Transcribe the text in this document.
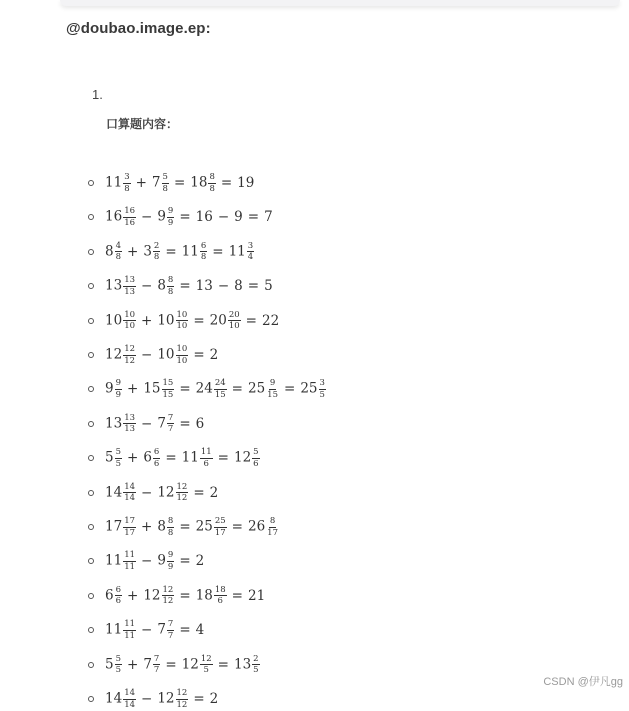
@doubao.image.ep:
1.
口算题内容：
$11 \frac{3}{8} + 7 \frac{5}{8} = 18 \frac{8}{8} = 19$
$16 \frac{16}{16} - 9 \frac{9}{9} = 16 - 9 = 7$
$8 \frac{4}{8} + 3 \frac{2}{8} = 11 \frac{6}{8} = 11 \frac{3}{4}$
$13 \frac{13}{13} - 8 \frac{8}{8} = 13 - 8 = 5$
$10 \frac{10}{10} + 10 \frac{10}{10} = 20 \frac{20}{10} = 22$
$12 \frac{12}{12} - 10 \frac{10}{10} = 2$
$9 \frac{9}{9} + 15 \frac{15}{15} = 24 \frac{24}{15} = 25 \frac{9}{15} = 25 \frac{3}{5}$
$13 \frac{13}{13} - 7 \frac{7}{7} = 6$
$5 \frac{5}{5} + 6 \frac{6}{6} = 11 \frac{11}{6} = 12 \frac{5}{6}$
$14 \frac{14}{14} - 12 \frac{12}{12} = 2$
$17 \frac{17}{17} + 8 \frac{8}{8} = 25 \frac{25}{17} = 26 \frac{8}{17}$
$11 \frac{11}{11} - 9 \frac{9}{9} = 2$
$6 \frac{6}{6} + 12 \frac{12}{12} = 18 \frac{18}{6} = 21$
$11 \frac{11}{11} - 7 \frac{7}{7} = 4$
$5 \frac{5}{5} + 7 \frac{7}{7} = 12 \frac{12}{5} = 13 \frac{2}{5}$
$14 \frac{14}{14} - 12 \frac{12}{12} = 2$
CSDN @伊凡gg
